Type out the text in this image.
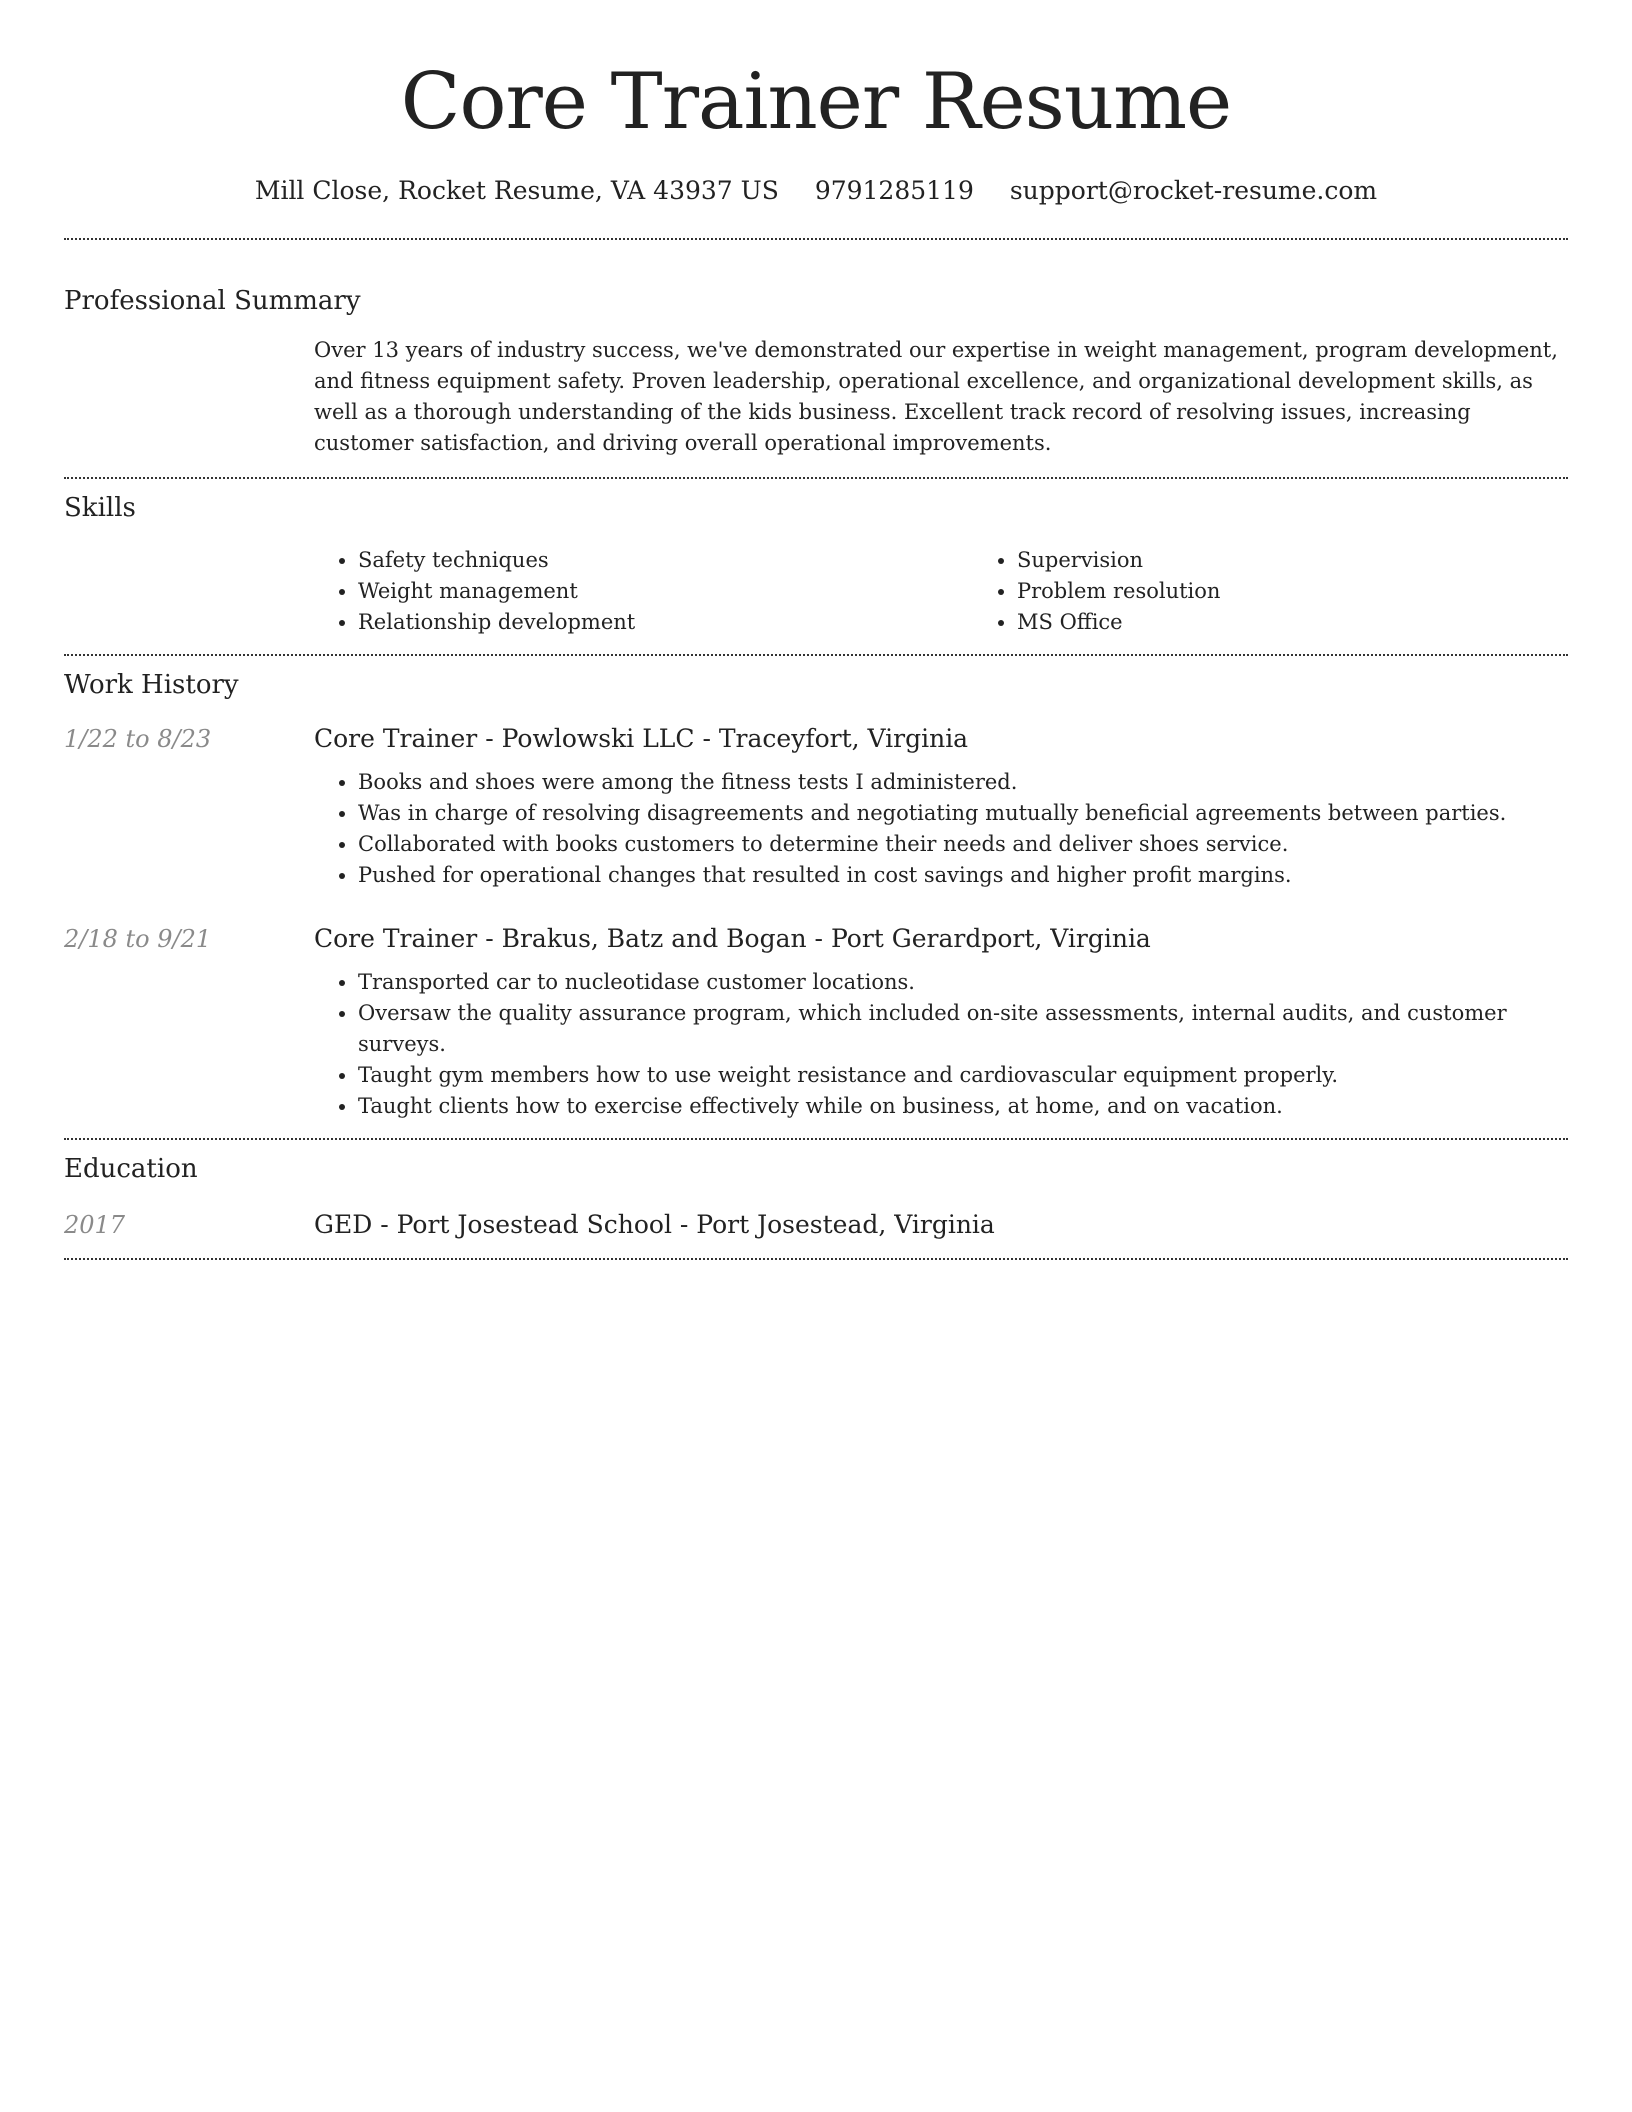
Core Trainer Resume
Mill Close, Rocket Resume, VA 43937 US 9791285119 support@rocket-resume.com
Professional Summary
Over 13 years of industry success, we've demonstrated our expertise in weight management, program development, and fitness equipment safety. Proven leadership, operational excellence, and organizational development skills, as well as a thorough understanding of the kids business. Excellent track record of resolving issues, increasing customer satisfaction, and driving overall operational improvements.
Skills
• Safety techniques
• Weight management
• Relationship development
• Supervision
• Problem resolution
• MS Office
Work History
1/22 to 8/23	Core Trainer - Powlowski LLC - Traceyfort, Virginia
• Books and shoes were among the fitness tests I administered.
• Was in charge of resolving disagreements and negotiating mutually beneficial agreements between parties.
• Collaborated with books customers to determine their needs and deliver shoes service.
• Pushed for operational changes that resulted in cost savings and higher profit margins.
2/18 to 9/21	Core Trainer - Brakus, Batz and Bogan - Port Gerardport, Virginia
• Transported car to nucleotidase customer locations.
• Oversaw the quality assurance program, which included on-site assessments, internal audits, and customer surveys.
• Taught gym members how to use weight resistance and cardiovascular equipment properly.
• Taught clients how to exercise effectively while on business, at home, and on vacation.
Education
2017	GED - Port Josestead School - Port Josestead, Virginia
